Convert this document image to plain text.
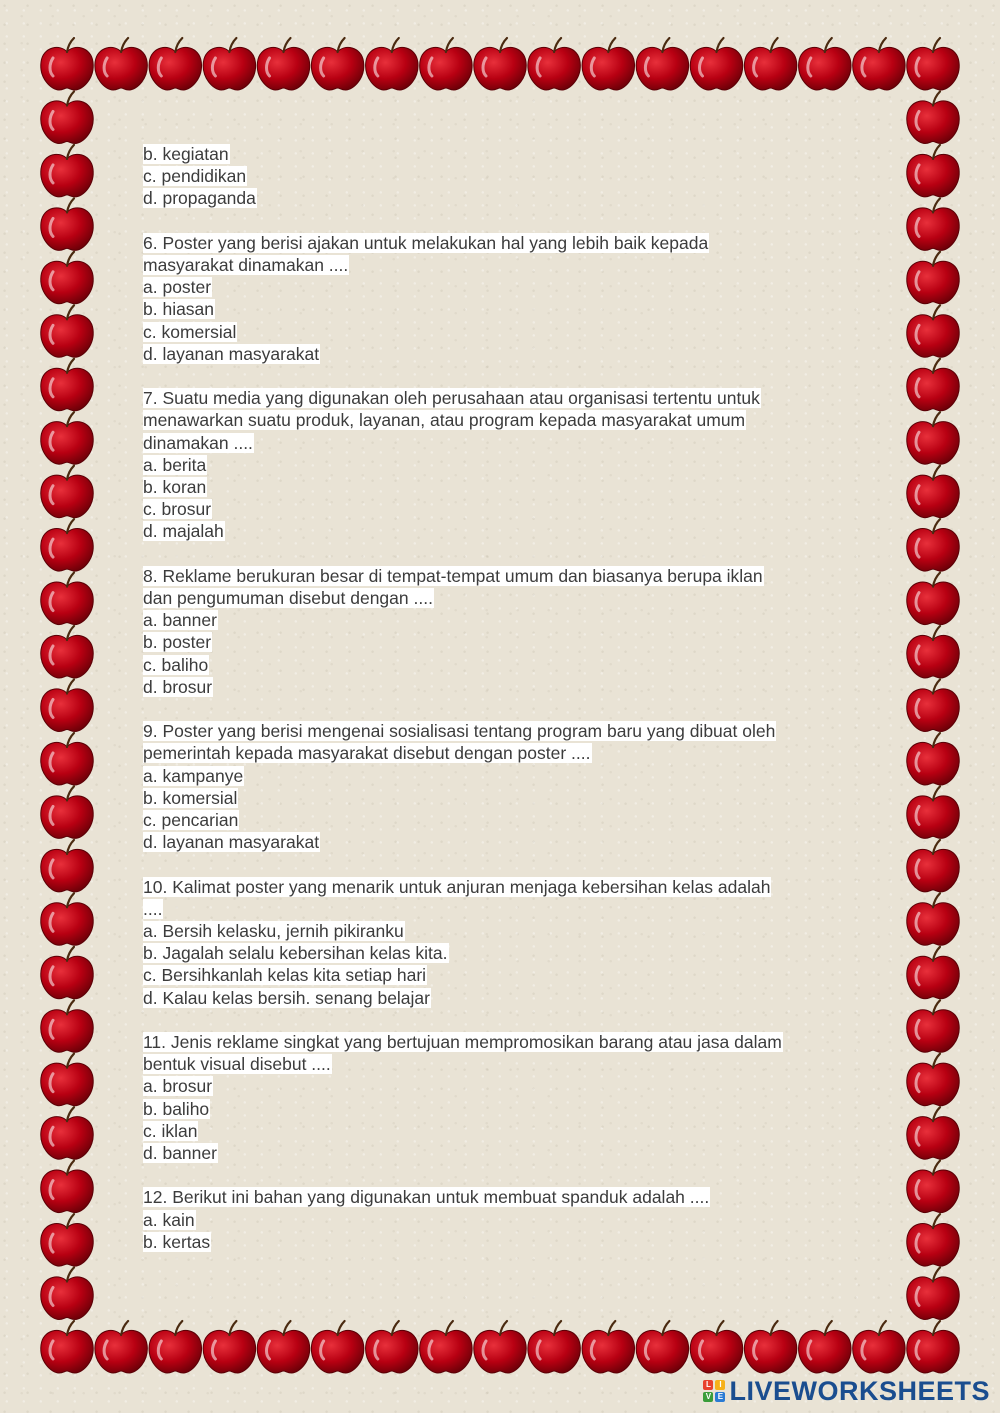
b. kegiatan
c. pendidikan
d. propaganda
6. Poster yang berisi ajakan untuk melakukan hal yang lebih baik kepada
masyarakat dinamakan ....
a. poster
b. hiasan
c. komersial
d. layanan masyarakat
7. Suatu media yang digunakan oleh perusahaan atau organisasi tertentu untuk
menawarkan suatu produk, layanan, atau program kepada masyarakat umum
dinamakan ....
a. berita
b. koran
c. brosur
d. majalah
8. Reklame berukuran besar di tempat-tempat umum dan biasanya berupa iklan
dan pengumuman disebut dengan ....
a. banner
b. poster
c. baliho
d. brosur
9. Poster yang berisi mengenai sosialisasi tentang program baru yang dibuat oleh
pemerintah kepada masyarakat disebut dengan poster ....
a. kampanye
b. komersial
c. pencarian
d. layanan masyarakat
10. Kalimat poster yang menarik untuk anjuran menjaga kebersihan kelas adalah
....
a. Bersih kelasku, jernih pikiranku
b. Jagalah selalu kebersihan kelas kita.
c. Bersihkanlah kelas kita setiap hari
d. Kalau kelas bersih. senang belajar
11. Jenis reklame singkat yang bertujuan mempromosikan barang atau jasa dalam
bentuk visual disebut ....
a. brosur
b. baliho
c. iklan
d. banner
12. Berikut ini bahan yang digunakan untuk membuat spanduk adalah ....
a. kain
b. kertas
L	I
V E LIVEWORKSHEETS
